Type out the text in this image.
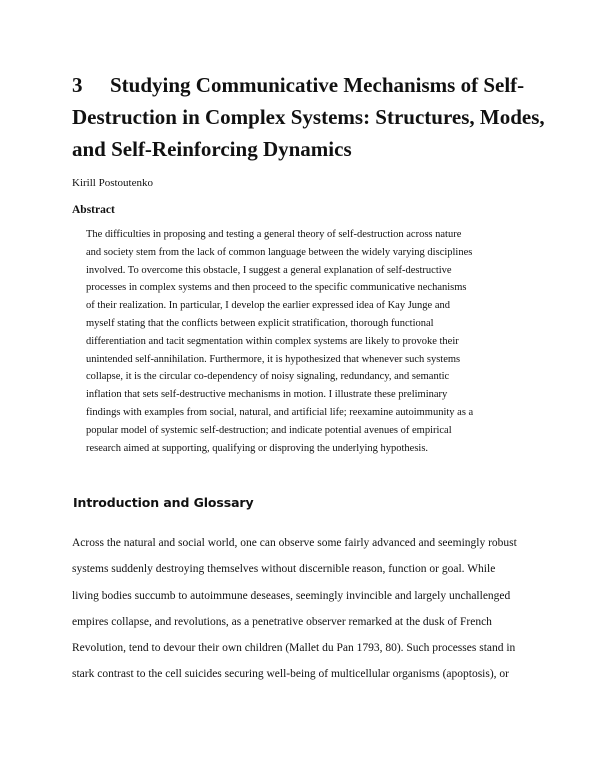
3 Studying Communicative Mechanisms of Self-
Destruction in Complex Systems: Structures, Modes,
and Self-Reinforcing Dynamics

Kirill Postoutenko

Abstract

The difficulties in proposing and testing a general theory of self-destruction across nature
and society stem from the lack of common language between the widely varying disciplines
involved. To overcome this obstacle, I suggest a general explanation of self-destructive
processes in complex systems and then proceed to the specific communicative nechanisms
of their realization. In particular, I develop the earlier expressed idea of Kay Junge and
myself stating that the conflicts between explicit stratification, thorough functional
differentiation and tacit segmentation within complex systems are likely to provoke their
unintended self-annihilation. Furthermore, it is hypothesized that whenever such systems
collapse, it is the circular co-dependency of noisy signaling, redundancy, and semantic
inflation that sets self-destructive mechanisms in motion. I illustrate these preliminary
findings with examples from social, natural, and artificial life; reexamine autoimmunity as a
popular model of systemic self-destruction; and indicate potential avenues of empirical
research aimed at supporting, qualifying or disproving the underlying hypothesis.

Introduction and Glossary

Across the natural and social world, one can observe some fairly advanced and seemingly robust
systems suddenly destroying themselves without discernible reason, function or goal. While
living bodies succumb to autoimmune deseases, seemingly invincible and largely unchallenged
empires collapse, and revolutions, as a penetrative observer remarked at the dusk of French
Revolution, tend to devour their own children (Mallet du Pan 1793, 80). Such processes stand in
stark contrast to the cell suicides securing well-being of multicellular organisms (apoptosis), or
